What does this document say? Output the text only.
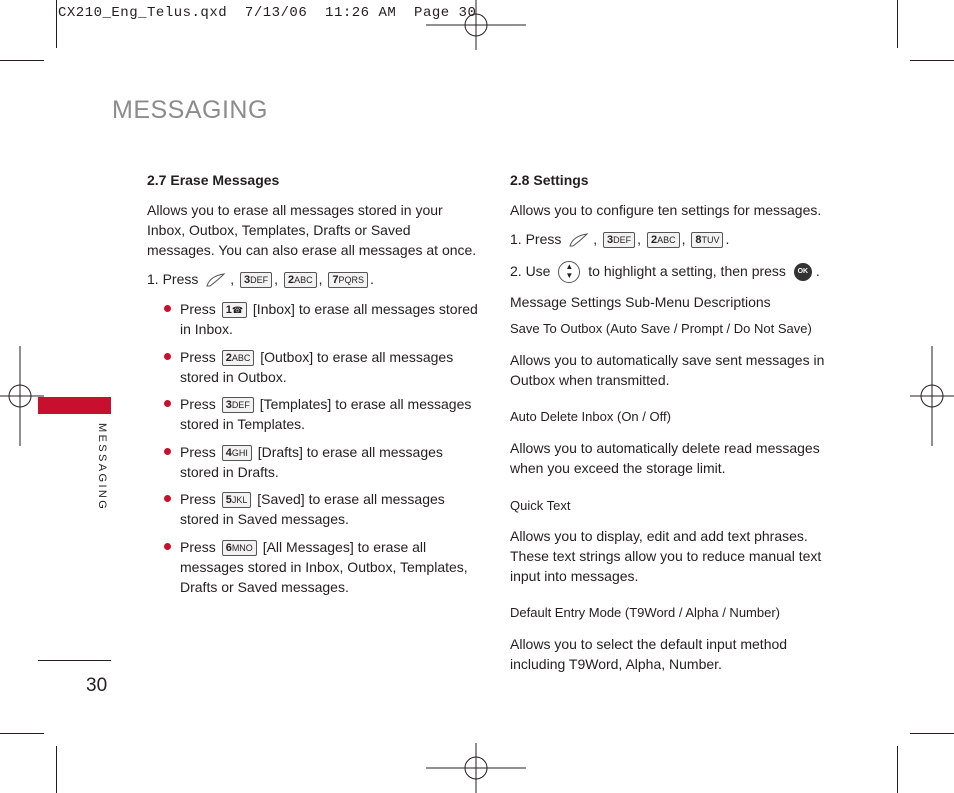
CX210_Eng_Telus.qxd  7/13/06  11:26 AM  Page 30
MESSAGING
MESSAGING
30
2.7 Erase Messages
Allows you to erase all messages stored in your Inbox, Outbox, Templates, Drafts or Saved messages. You can also erase all messages at once.
1. Press , 3DEF , 2ABC , 7PQRS .
Press 1☎ [Inbox] to erase all messages stored in Inbox.
Press 2ABC [Outbox] to erase all messages stored in Outbox.
Press 3DEF [Templates] to erase all messages stored in Templates.
Press 4GHI [Drafts] to erase all messages stored in Drafts.
Press 5JKL [Saved] to erase all messages stored in Saved messages.
Press 6MNO [All Messages] to erase all messages stored in Inbox, Outbox, Templates, Drafts or Saved messages.
2.8 Settings
Allows you to configure ten settings for messages.
1. Press , 3DEF , 2ABC , 8TUV .
2. Use ▲
▼ to highlight a setting, then press OK .
Message Settings Sub-Menu Descriptions
Save To Outbox (Auto Save / Prompt / Do Not Save)
Allows you to automatically save sent messages in Outbox when transmitted.
Auto Delete Inbox (On / Off)
Allows you to automatically delete read messages when you exceed the storage limit.
Quick Text
Allows you to display, edit and add text phrases. These text strings allow you to reduce manual text input into messages.
Default Entry Mode (T9Word / Alpha / Number)
Allows you to select the default input method including T9Word, Alpha, Number.
